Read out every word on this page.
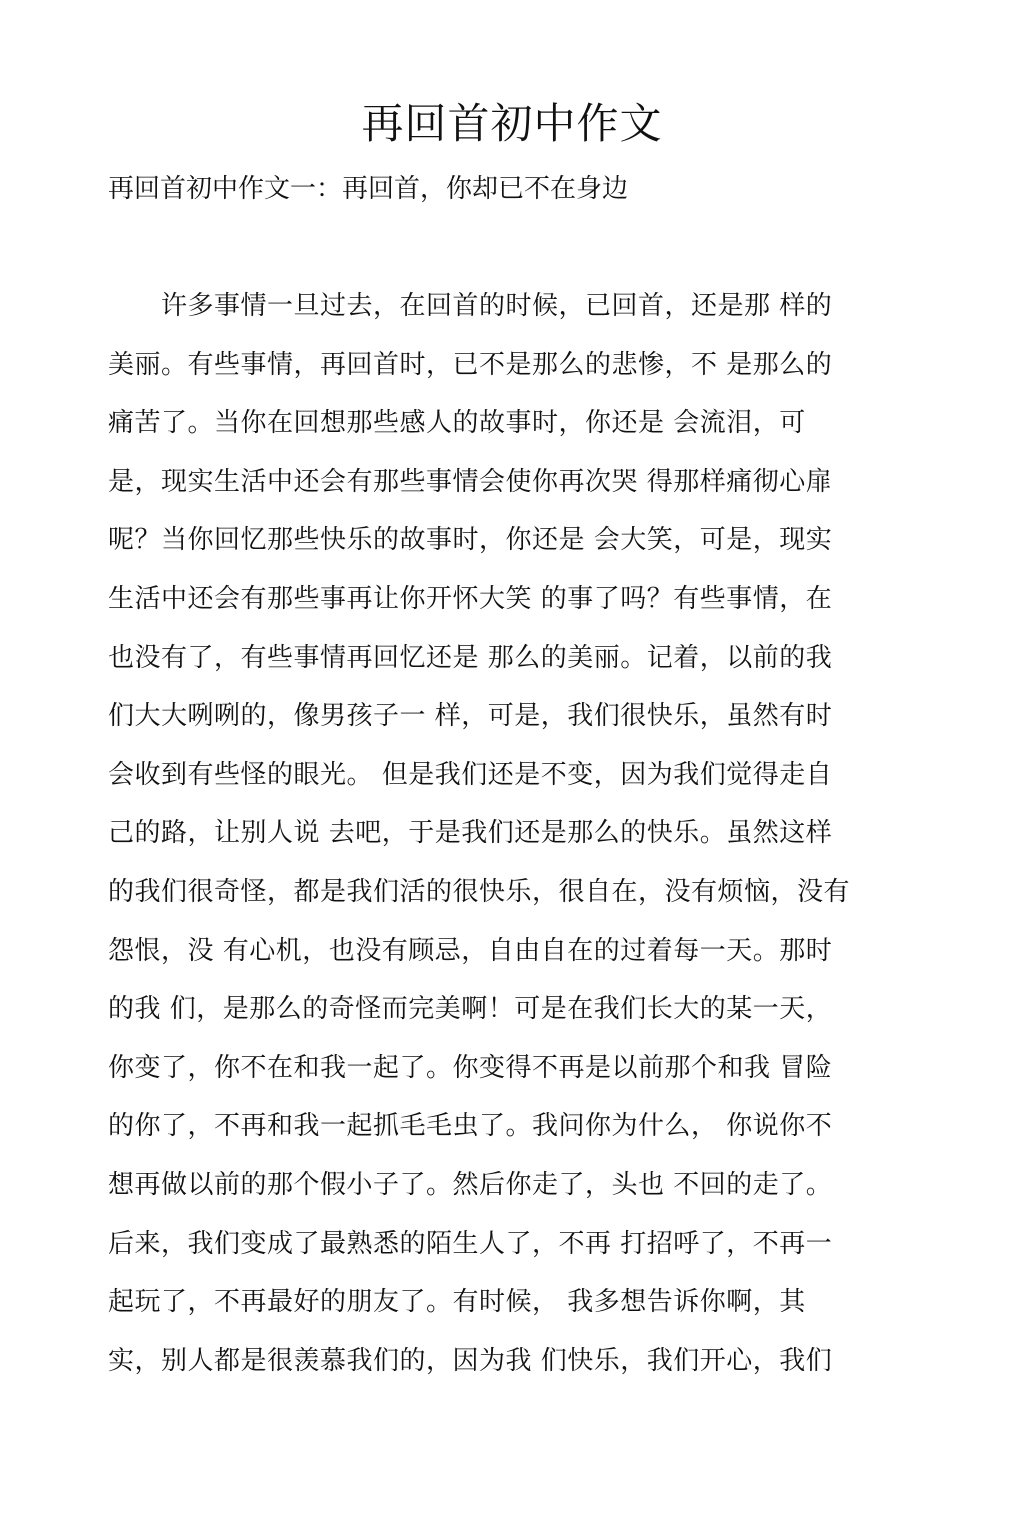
再回首初中作文
再回首初中作文一：再回首，你却已不在身边
　　许多事情一旦过去，在回首的时候，已回首，还是那 样的
美丽。有些事情，再回首时，已不是那么的悲惨，不 是那么的
痛苦了。当你在回想那些感人的故事时，你还是 会流泪，可
是，现实生活中还会有那些事情会使你再次哭 得那样痛彻心扉
呢？当你回忆那些快乐的故事时，你还是 会大笑，可是，现实
生活中还会有那些事再让你开怀大笑 的事了吗？有些事情，在
也没有了，有些事情再回忆还是 那么的美丽。记着，以前的我
们大大咧咧的，像男孩子一 样，可是，我们很快乐，虽然有时
会收到有些怪的眼光。 但是我们还是不变，因为我们觉得走自
己的路，让别人说 去吧，于是我们还是那么的快乐。虽然这样
的我们很奇怪，都是我们活的很快乐，很自在，没有烦恼，没有
怨恨，没 有心机，也没有顾忌，自由自在的过着每一天。那时
的我 们，是那么的奇怪而完美啊！可是在我们长大的某一天，
你变了，你不在和我一起了。你变得不再是以前那个和我 冒险
的你了，不再和我一起抓毛毛虫了。我问你为什么， 你说你不
想再做以前的那个假小子了。然后你走了，头也 不回的走了。
后来，我们变成了最熟悉的陌生人了，不再 打招呼了，不再一
起玩了，不再最好的朋友了。有时候， 我多想告诉你啊，其
实，别人都是很羡慕我们的，因为我 们快乐，我们开心，我们
